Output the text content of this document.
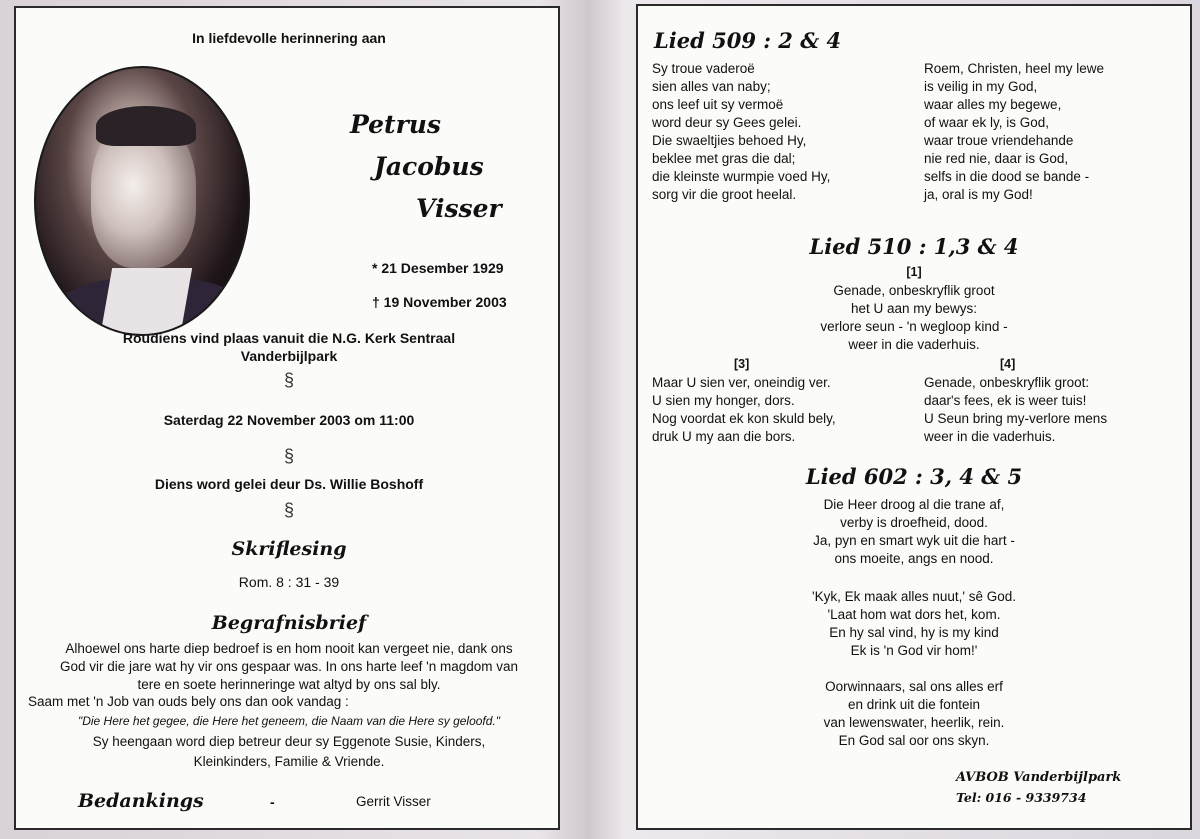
In liefdevolle herinnering aan
Petrus
Jacobus
Visser
* 21 Desember 1929
† 19 November 2003
Roudiens vind plaas vanuit die N.G. Kerk Sentraal
Vanderbijlpark
§
Saterdag 22 November 2003 om 11:00
§
Diens word gelei deur Ds. Willie Boshoff
§
Skriflesing
Rom. 8 : 31 - 39
Begrafnisbrief
Alhoewel ons harte diep bedroef is en hom nooit kan vergeet nie, dank ons
God vir die jare wat hy vir ons gespaar was. In ons harte leef 'n magdom van
tere en soete herinneringe wat altyd by ons sal bly.
Saam met 'n Job van ouds bely ons dan ook vandag :
"Die Here het gegee, die Here het geneem, die Naam van die Here sy geloofd."
Sy heengaan word diep betreur deur sy Eggenote Susie, Kinders,
Kleinkinders, Familie & Vriende.
Bedankings	-	Gerrit Visser
Lied 509 : 2 & 4
Sy troue vaderoë
sien alles van naby;
ons leef uit sy vermoë
word deur sy Gees gelei.
Die swaeltjies behoed Hy,
beklee met gras die dal;
die kleinste wurmpie voed Hy,
sorg vir die groot heelal.
Roem, Christen, heel my lewe
is veilig in my God,
waar alles my begewe,
of waar ek ly, is God,
waar troue vriendehande
nie red nie, daar is God,
selfs in die dood se bande -
ja, oral is my God!
Lied 510 : 1,3 & 4
[1]
Genade, onbeskryflik groot
het U aan my bewys:
verlore seun - 'n wegloop kind -
weer in die vaderhuis.
[3]
Maar U sien ver, oneindig ver.
U sien my honger, dors.
Nog voordat ek kon skuld bely,
druk U my aan die bors.
[4]
Genade, onbeskryflik groot:
daar's fees, ek is weer tuis!
U Seun bring my-verlore mens
weer in die vaderhuis.
Lied 602 : 3, 4 & 5
Die Heer droog al die trane af,
verby is droefheid, dood.
Ja, pyn en smart wyk uit die hart -
ons moeite, angs en nood.
'Kyk, Ek maak alles nuut,' sê God.
'Laat hom wat dors het, kom.
En hy sal vind, hy is my kind
Ek is 'n God vir hom!'
Oorwinnaars, sal ons alles erf
en drink uit die fontein
van lewenswater, heerlik, rein.
En God sal oor ons skyn.
AVBOB Vanderbijlpark
Tel: 016 - 9339734
